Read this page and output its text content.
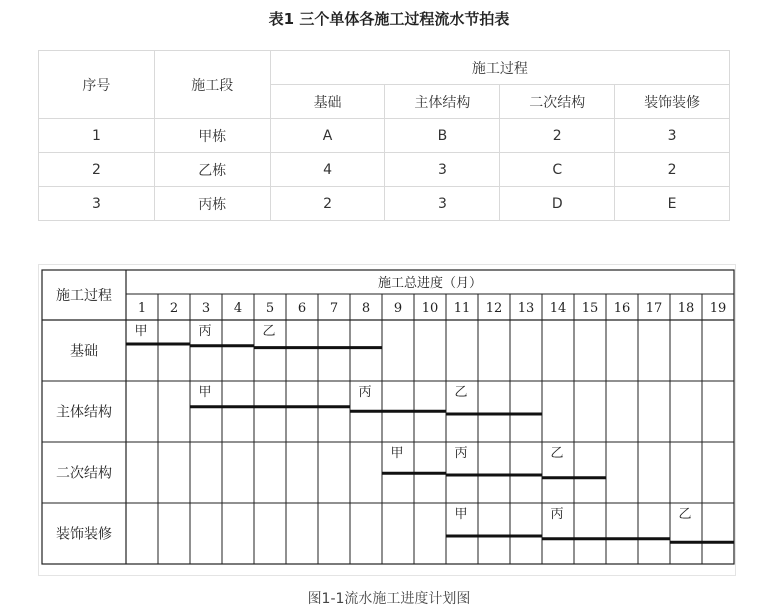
表1 三个单体各施工过程流水节拍表
序号	施工段	施工过程			
		基础	主体结构	二次结构	装饰装修
1	甲栋	A	B	2	3
2	乙栋	4	3	C	2
3	丙栋	2	3	D	E
施工过程
施工总进度（月）
1 2 3 4 5 6 7 8 9 10 11 12 13 14 15 16 17 18 19
基础
甲	丙	乙
主体结构
甲	丙	乙
二次结构
甲	丙	乙
装饰装修
甲	丙	乙
图1-1流水施工进度计划图
